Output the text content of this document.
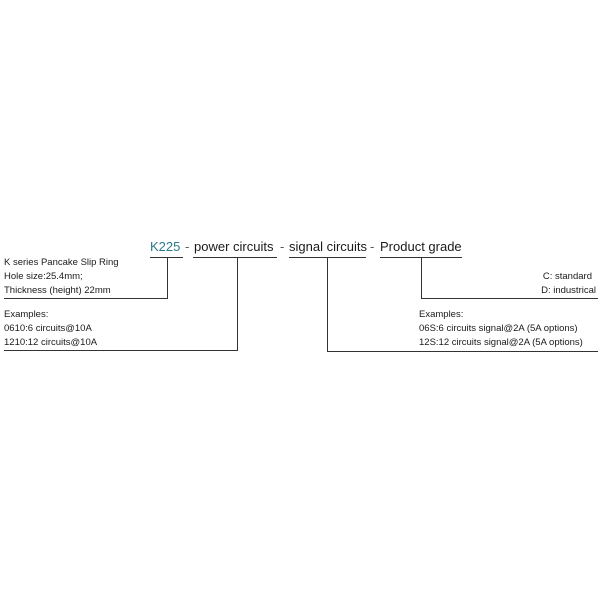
K225 - power circuits - signal circuits - Product grade
K series Pancake Slip Ring
Hole size:25.4mm;
Thickness (height) 22mm
Examples:
0610:6 circuits@10A
1210:12 circuits@10A
C: standard
D: industrical
Examples:
06S:6 circuits signal@2A (5A options)
12S:12 circuits signal@2A (5A options)
